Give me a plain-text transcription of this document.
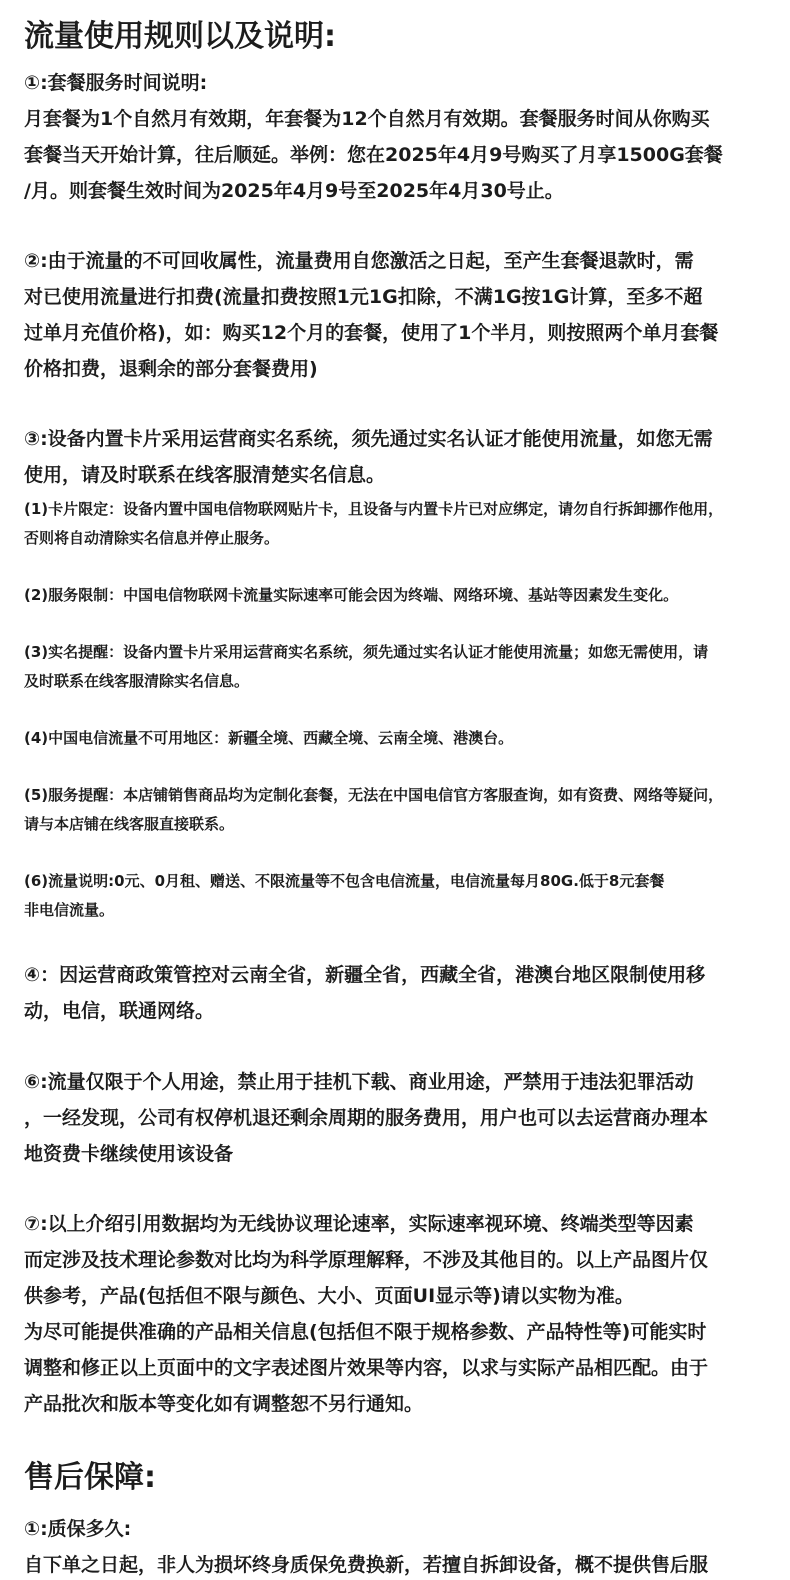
流量使用规则以及说明:
①:套餐服务时间说明:
月套餐为1个自然月有效期，年套餐为12个自然月有效期。套餐服务时间从你购买
套餐当天开始计算，往后顺延。举例：您在2025年4月9号购买了月享1500G套餐
/月。则套餐生效时间为2025年4月9号至2025年4月30号止。
②:由于流量的不可回收属性，流量费用自您激活之日起，至产生套餐退款时，需
对已使用流量进行扣费(流量扣费按照1元1G扣除，不满1G按1G计算，至多不超
过单月充值价格)，如：购买12个月的套餐，使用了1个半月，则按照两个单月套餐
价格扣费，退剩余的部分套餐费用)
③:设备内置卡片采用运营商实名系统，须先通过实名认证才能使用流量，如您无需
使用，请及时联系在线客服清楚实名信息。
(1)卡片限定：设备内置中国电信物联网贴片卡，且设备与内置卡片已对应绑定，请勿自行拆卸挪作他用，
否则将自动清除实名信息并停止服务。
(2)服务限制：中国电信物联网卡流量实际速率可能会因为终端、网络环境、基站等因素发生变化。
(3)实名提醒：设备内置卡片采用运营商实名系统，须先通过实名认证才能使用流量；如您无需使用，请
及时联系在线客服清除实名信息。
(4)中国电信流量不可用地区：新疆全境、西藏全境、云南全境、港澳台。
(5)服务提醒：本店铺销售商品均为定制化套餐，无法在中国电信官方客服查询，如有资费、网络等疑问，
请与本店铺在线客服直接联系。
(6)流量说明:0元、0月租、赠送、不限流量等不包含电信流量，电信流量每月80G.低于8元套餐
非电信流量。
④：因运营商政策管控对云南全省，新疆全省，西藏全省，港澳台地区限制使用移
动，电信，联通网络。
⑥:流量仅限于个人用途，禁止用于挂机下载、商业用途，严禁用于违法犯罪活动
，一经发现，公司有权停机退还剩余周期的服务费用，用户也可以去运营商办理本
地资费卡继续使用该设备
⑦:以上介绍引用数据均为无线协议理论速率，实际速率视环境、终端类型等因素
而定涉及技术理论参数对比均为科学原理解释，不涉及其他目的。以上产品图片仅
供参考，产品(包括但不限与颜色、大小、页面UI显示等)请以实物为准。
为尽可能提供准确的产品相关信息(包括但不限于规格参数、产品特性等)可能实时
调整和修正以上页面中的文字表述图片效果等内容，以求与实际产品相匹配。由于
产品批次和版本等变化如有调整恕不另行通知。
售后保障:
①:质保多久:
自下单之日起，非人为损坏终身质保免费换新，若擅自拆卸设备，概不提供售后服
